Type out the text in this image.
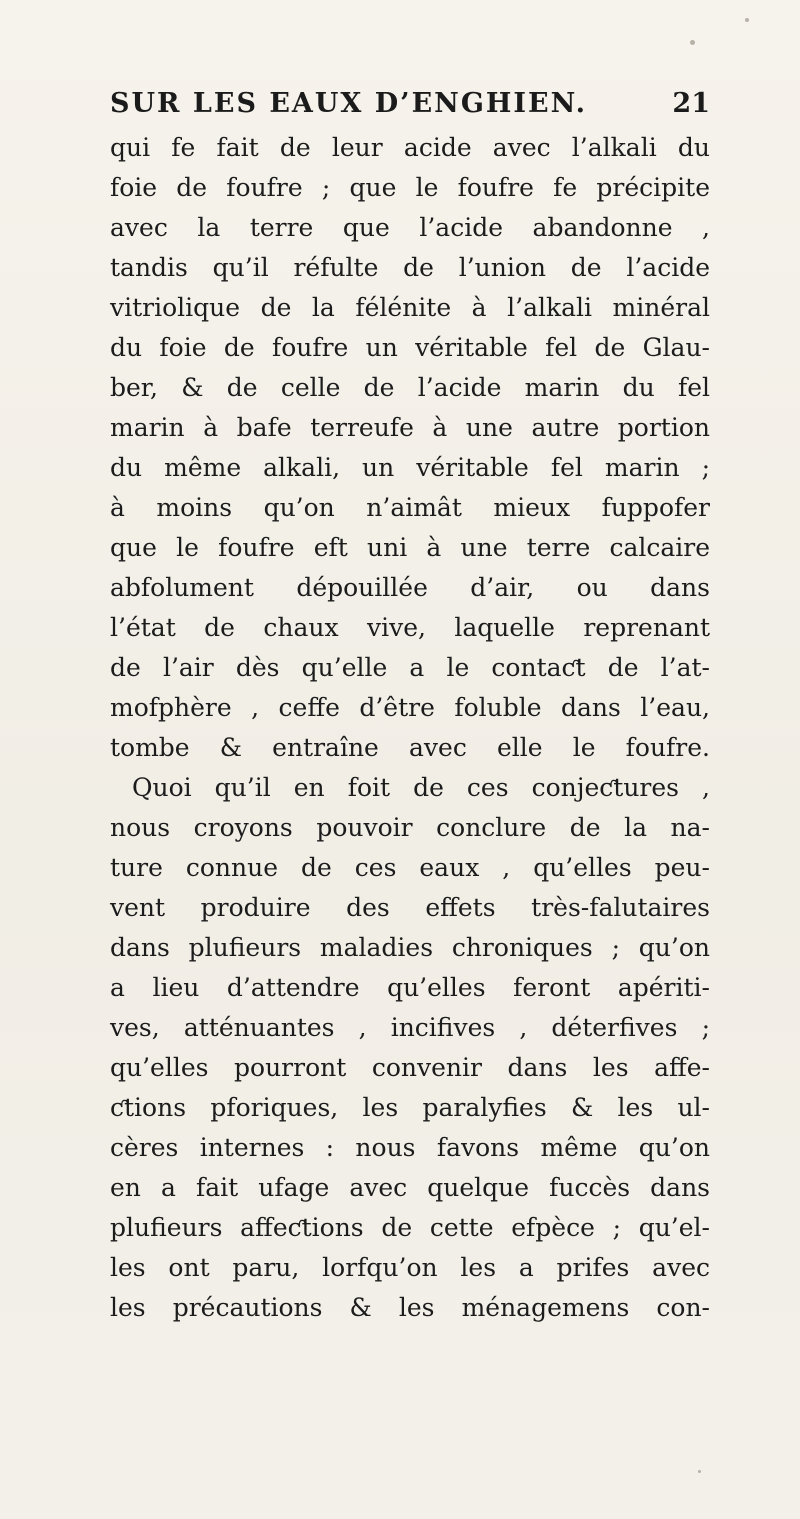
SUR LES EAUX D’ENGHIEN.	21
qui fe fait de leur acide avec l’alkali du
foie de foufre ; que le foufre fe précipite
avec la terre que l’acide abandonne ,
tandis qu’il réfulte de l’union de l’acide
vitriolique de la félénite à l’alkali minéral
du foie de foufre un véritable fel de Glau-
ber, & de celle de l’acide marin du fel
marin à bafe terreufe à une autre portion
du même alkali, un véritable fel marin ;
à moins qu’on n’aimât mieux fuppofer
que le foufre eft uni à une terre calcaire
abfolument dépouillée d’air, ou dans
l’état de chaux vive, laquelle reprenant
de l’air dès qu’elle a le contaƈt de l’at-
mofphère , ceffe d’être foluble dans l’eau,
tombe & entraîne avec elle le foufre.
Quoi qu’il en foit de ces conjeƈtures ,
nous croyons pouvoir conclure de la na-
ture connue de ces eaux , qu’elles peu-
vent produire des effets très-falutaires
dans plufieurs maladies chroniques ; qu’on
a lieu d’attendre qu’elles feront apériti-
ves, atténuantes , incifives , déterfives ;
qu’elles pourront convenir dans les affe-
ƈtions pforiques, les paralyfies & les ul-
cères internes : nous favons même qu’on
en a fait ufage avec quelque fuccès dans
plufieurs affeƈtions de cette efpèce ; qu’el-
les ont paru, lorfqu’on les a prifes avec
les précautions & les ménagemens con-
